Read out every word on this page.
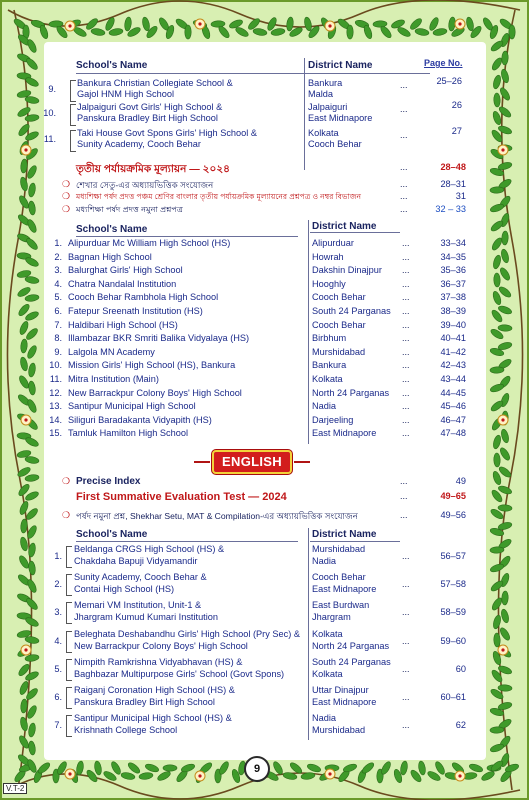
School's Name	District Name	Page No.
9.
Bankura Christian Collegiate School &
Gajol HNM High School
Bankura
Malda
...	25–26
10.
Jalpaiguri Govt Girls' High School &
Panskura Bradley Birt High School
Jalpaiguri
East Midnapore
...	26
11.
Taki House Govt Spons Girls' High School &
Sunity Academy, Cooch Behar
Kolkata
Cooch Behar
...	27
তৃতীয় পর্যায়ক্রমিক মূল্যায়ন — ২০২৪	...	28–48
❍ শেখার সেতু-এর অধ্যায়ভিত্তিক সংযোজন	...	28–31
❍ মধ্যশিক্ষা পর্ষদ প্রদত্ত পঞ্চম শ্রেণির বাংলার তৃতীয় পর্যায়ক্রমিক মূল্যায়নের প্রশ্নপত্র ও নম্বর বিভাজন	...	31
❍ মধ্যশিক্ষা পর্ষদ প্রদত্ত নমুনা প্রশ্নপত্র	...	32 – 33
School's Name	District Name
1. Alipurduar Mc William High School (HS)	Alipurduar	...	33–34
2. Bagnan High School	Howrah	...	34–35
3. Balurghat Girls' High School	Dakshin Dinajpur ...	35–36
4. Chatra Nandalal Institution	Hooghly	...	36–37
5. Cooch Behar Rambhola High School	Cooch Behar	...	37–38
6. Fatepur Sreenath Institution (HS)	South 24 Parganas ...	38–39
7. Haldibari High School (HS)	Cooch Behar	...	39–40
8. Illambazar BKR Smriti Balika Vidyalaya (HS)	Birbhum	...	40–41
9. Lalgola MN Academy	Murshidabad	...	41–42
10. Mission Girls' High School (HS), Bankura	Bankura	...	42–43
11. Mitra Institution (Main)	Kolkata	...	43–44
12. New Barrackpur Colony Boys' High School	North 24 Parganas ...	44–45
13. Santipur Municipal High School	Nadia	...	45–46
14. Siliguri Baradakanta Vidyapith (HS)	Darjeeling	...	46–47
15. Tamluk Hamilton High School	East Midnapore	...	47–48
ENGLISH
❍ Precise Index	...	49
First Summative Evaluation Test — 2024	...	49–65
❍ পর্ষদ নমুনা প্রশ্ন, Shekhar Setu, MAT & Compilation-এর অধ্যায়ভিত্তিক সংযোজন	...	49–56
School's Name	District Name
1.
Beldanga CRGS High School (HS) &
Chakdaha Bapuji Vidyamandir
Murshidabad
Nadia	...	56–57
2.
Sunity Academy, Cooch Behar &
Contai High School (HS)
Cooch Behar
East Midnapore	...	57–58
3.
Memari VM Institution, Unit-1 &
Jhargram Kumud Kumari Institution
East Burdwan
Jhargram	...	58–59
4.
Beleghata Deshabandhu Girls' High School (Pry Sec) &
New Barrackpur Colony Boys' High School
Kolkata
North 24 Parganas ...	59–60
5.
Nimpith Ramkrishna Vidyabhavan (HS) &
Baghbazar Multipurpose Girls' School (Govt Spons)
South 24 Parganas
Kolkata	...	60
6.
Raiganj Coronation High School (HS) &
Panskura Bradley Birt High School
Uttar Dinajpur
East Midnapore	...	60–61
7.
Santipur Municipal High School (HS) &
Krishnath College School
Nadia
Murshidabad	...	62
9
V.T-2
